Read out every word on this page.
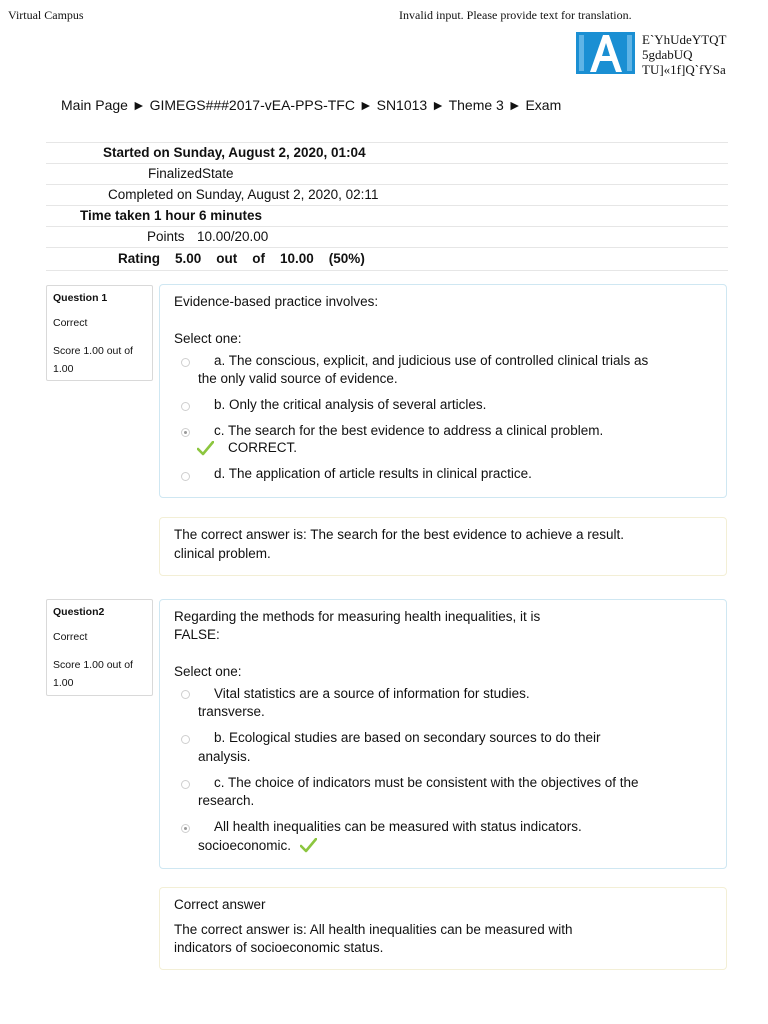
Virtual Campus	Invalid input. Please provide text for translation.
E`YhUdeYTQT
5gdabUQ
TU]«1f]Q`fYSa
Main Page ► GIMEGS###2017-vEA-PPS-TFC ► SN1013 ► Theme 3 ► Exam
Started on Sunday, August 2, 2020, 01:04
FinalizedState
Completed on Sunday, August 2, 2020, 02:11
Time taken 1 hour 6 minutes
Points 10.00/20.00
Rating    5.00    out    of    10.00    (50%)
Question 1
Correct
Score 1.00 out of
1.00
Evidence-based practice involves:
Select one:
a. The conscious, explicit, and judicious use of controlled clinical trials as
the only valid source of evidence.
b. Only the critical analysis of several articles.
c. The search for the best evidence to address a clinical problem.
CORRECT.
d. The application of article results in clinical practice.
The correct answer is: The search for the best evidence to achieve a result.
clinical problem.
Question2
Correct
Score 1.00 out of
1.00
Regarding the methods for measuring health inequalities, it is
FALSE:
Select one:
Vital statistics are a source of information for studies.
transverse.
b. Ecological studies are based on secondary sources to do their
analysis.
c. The choice of indicators must be consistent with the objectives of the
research.
All health inequalities can be measured with status indicators.
socioeconomic.
Correct answer
The correct answer is: All health inequalities can be measured with
indicators of socioeconomic status.
